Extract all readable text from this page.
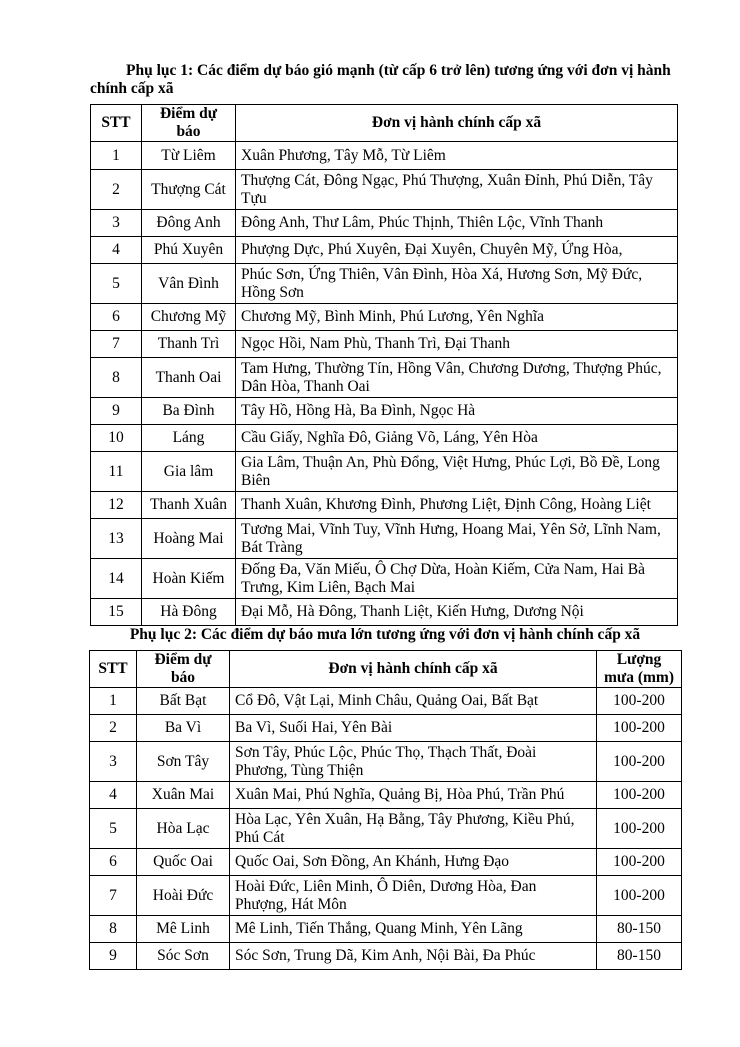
Phụ lục 1: Các điểm dự báo gió mạnh (từ cấp 6 trở lên) tương ứng với đơn vị hành chính cấp xã
STT	Điểm dự báo	Đơn vị hành chính cấp xã
1	Từ Liêm	Xuân Phương, Tây Mỗ, Từ Liêm
2	Thượng Cát	Thượng Cát, Đông Ngạc, Phú Thượng, Xuân Đỉnh, Phú Diễn, Tây Tựu
3	Đông Anh	Đông Anh, Thư Lâm, Phúc Thịnh, Thiên Lộc, Vĩnh Thanh
4	Phú Xuyên	Phượng Dực, Phú Xuyên, Đại Xuyên, Chuyên Mỹ, Ứng Hòa,
5	Vân Đình	Phúc Sơn, Ứng Thiên, Vân Đình, Hòa Xá, Hương Sơn, Mỹ Đức, Hồng Sơn
6	Chương Mỹ	Chương Mỹ, Bình Minh, Phú Lương, Yên Nghĩa
7	Thanh Trì	Ngọc Hồi, Nam Phù, Thanh Trì, Đại Thanh
8	Thanh Oai	Tam Hưng, Thường Tín, Hồng Vân, Chương Dương, Thượng Phúc, Dân Hòa, Thanh Oai
9	Ba Đình	Tây Hồ, Hồng Hà, Ba Đình, Ngọc Hà
10	Láng	Cầu Giấy, Nghĩa Đô, Giảng Võ, Láng, Yên Hòa
11	Gia lâm	Gia Lâm, Thuận An, Phù Đổng, Việt Hưng, Phúc Lợi, Bồ Đề, Long Biên
12	Thanh Xuân	Thanh Xuân, Khương Đình, Phương Liệt, Định Công, Hoàng Liệt
13	Hoàng Mai	Tương Mai, Vĩnh Tuy, Vĩnh Hưng, Hoang Mai, Yên Sở, Lĩnh Nam, Bát Tràng
14	Hoàn Kiếm	Đống Đa, Văn Miếu, Ô Chợ Dừa, Hoàn Kiếm, Cửa Nam, Hai Bà Trưng, Kim Liên, Bạch Mai
15	Hà Đông	Đại Mỗ, Hà Đông, Thanh Liệt, Kiến Hưng, Dương Nội
Phụ lục 2: Các điểm dự báo mưa lớn tương ứng với đơn vị hành chính cấp xã
STT	Điểm dự báo	Đơn vị hành chính cấp xã	Lượng mưa (mm)
1	Bất Bạt	Cổ Đô, Vật Lại, Minh Châu, Quảng Oai, Bất Bạt	100-200
2	Ba Vì	Ba Vì, Suối Hai, Yên Bài	100-200
3	Sơn Tây	Sơn Tây, Phúc Lộc, Phúc Thọ, Thạch Thất, Đoài Phương, Tùng Thiện	100-200
4	Xuân Mai	Xuân Mai, Phú Nghĩa, Quảng Bị, Hòa Phú, Trần Phú	100-200
5	Hòa Lạc	Hòa Lạc, Yên Xuân, Hạ Bằng, Tây Phương, Kiều Phú, Phú Cát	100-200
6	Quốc Oai	Quốc Oai, Sơn Đồng, An Khánh, Hưng Đạo	100-200
7	Hoài Đức	Hoài Đức, Liên Minh, Ô Diên, Dương Hòa, Đan Phượng, Hát Môn	100-200
8	Mê Linh	Mê Linh, Tiến Thắng, Quang Minh, Yên Lãng	80-150
9	Sóc Sơn	Sóc Sơn, Trung Dã, Kim Anh, Nội Bài, Đa Phúc	80-150
